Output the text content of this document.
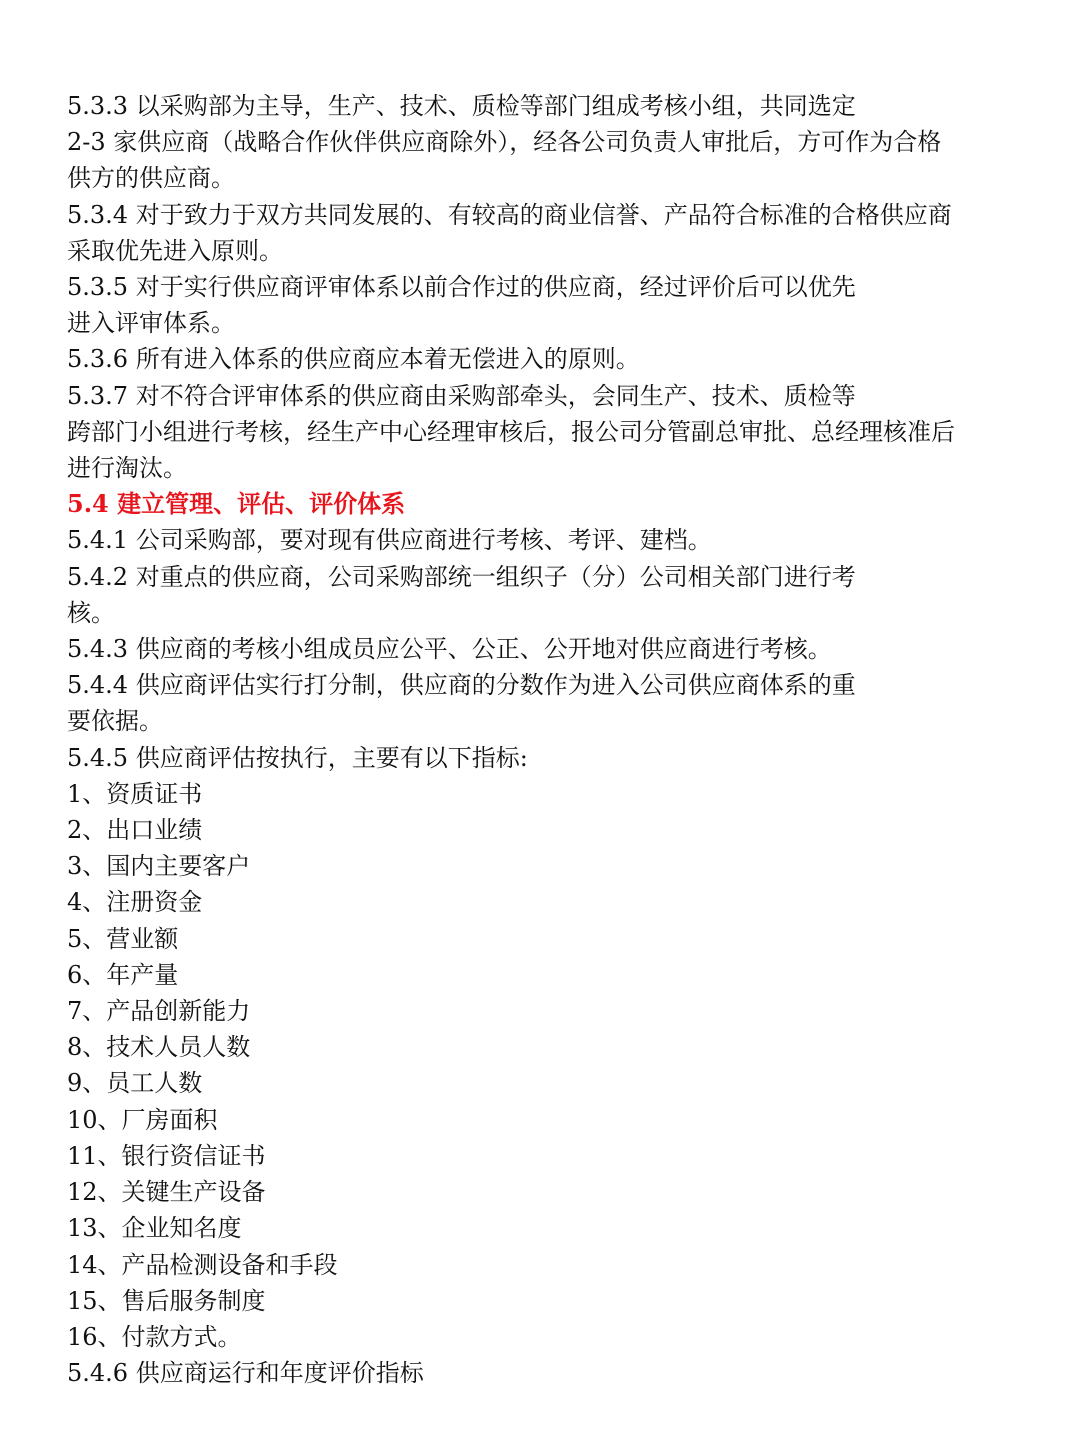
5.3.3 以采购部为主导，生产、技术、质检等部门组成考核小组，共同选定
2-3 家供应商（战略合作伙伴供应商除外），经各公司负责人审批后，方可作为合格
供方的供应商。
5.3.4 对于致力于双方共同发展的、有较高的商业信誉、产品符合标准的合格供应商
采取优先进入原则。
5.3.5 对于实行供应商评审体系以前合作过的供应商，经过评价后可以优先
进入评审体系。
5.3.6 所有进入体系的供应商应本着无偿进入的原则。
5.3.7 对不符合评审体系的供应商由采购部牵头，会同生产、技术、质检等
跨部门小组进行考核，经生产中心经理审核后，报公司分管副总审批、总经理核准后
进行淘汰。
5.4 建立管理、评估、评价体系
5.4.1 公司采购部，要对现有供应商进行考核、考评、建档。
5.4.2 对重点的供应商，公司采购部统一组织子（分）公司相关部门进行考
核。
5.4.3 供应商的考核小组成员应公平、公正、公开地对供应商进行考核。
5.4.4 供应商评估实行打分制，供应商的分数作为进入公司供应商体系的重
要依据。
5.4.5 供应商评估按执行，主要有以下指标:
1、资质证书
2、出口业绩
3、国内主要客户
4、注册资金
5、营业额
6、年产量
7、产品创新能力
8、技术人员人数
9、员工人数
10、厂房面积
11、银行资信证书
12、关键生产设备
13、企业知名度
14、产品检测设备和手段
15、售后服务制度
16、付款方式。
5.4.6 供应商运行和年度评价指标
